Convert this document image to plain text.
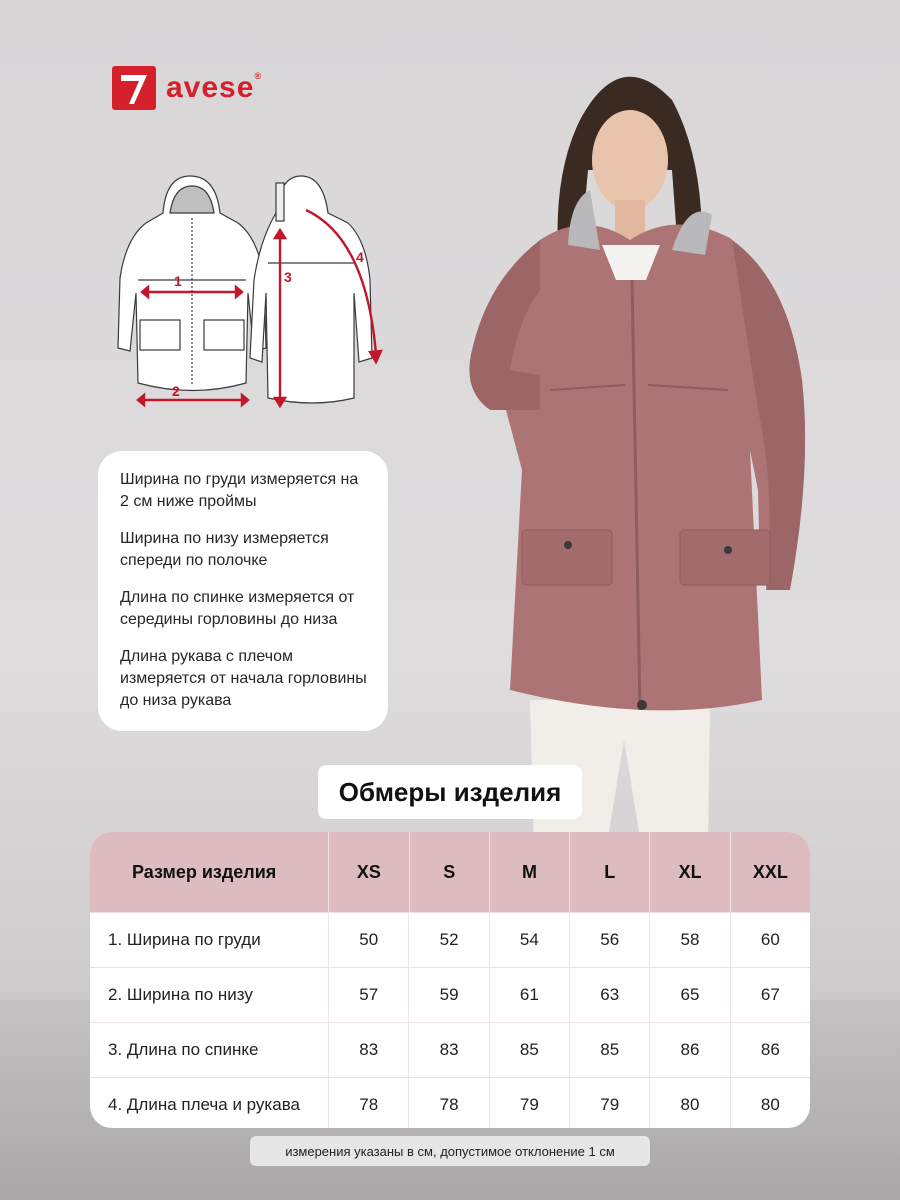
avese®
1
2
3
4

Ширина по груди измеряется на 2 см ниже проймы

Ширина по низу измеряется спереди по полочке

Длина по спинке измеряется от середины горловины до низа

Длина рукава с плечом измеряется от начала горловины до низа рукава

Обмеры изделия
Размер изделия	XS	S	M	L	XL	XXL
1. Ширина по груди	50	52	54	56	58	60
2. Ширина по низу	57	59	61	63	65	67
3. Длина по спинке	83	83	85	85	86	86
4. Длина плеча и рукава	78	78	79	79	80	80
измерения указаны в см, допустимое отклонение 1 см
